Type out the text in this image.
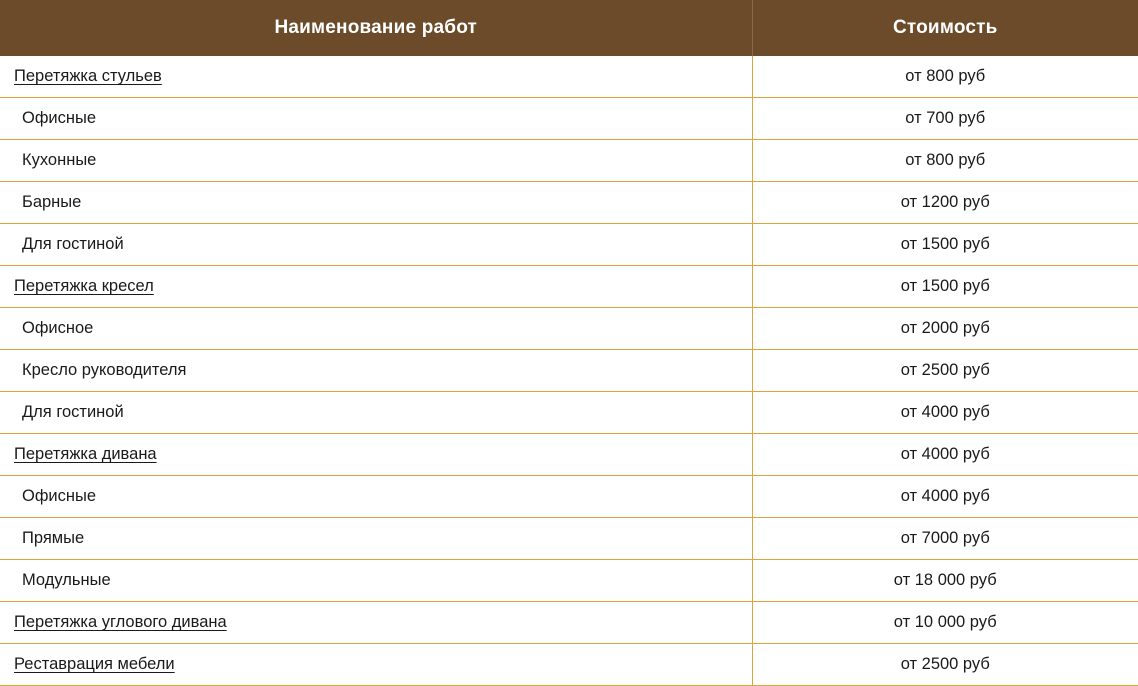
Наименование работ	Стоимость
Перетяжка стульев	от 800 руб
Офисные	от 700 руб
Кухонные	от 800 руб
Барные	от 1200 руб
Для гостиной	от 1500 руб
Перетяжка кресел	от 1500 руб
Офисное	от 2000 руб
Кресло руководителя	от 2500 руб
Для гостиной	от 4000 руб
Перетяжка дивана	от 4000 руб
Офисные	от 4000 руб
Прямые	от 7000 руб
Модульные	от 18 000 руб
Перетяжка углового дивана	от 10 000 руб
Реставрация мебели	от 2500 руб
